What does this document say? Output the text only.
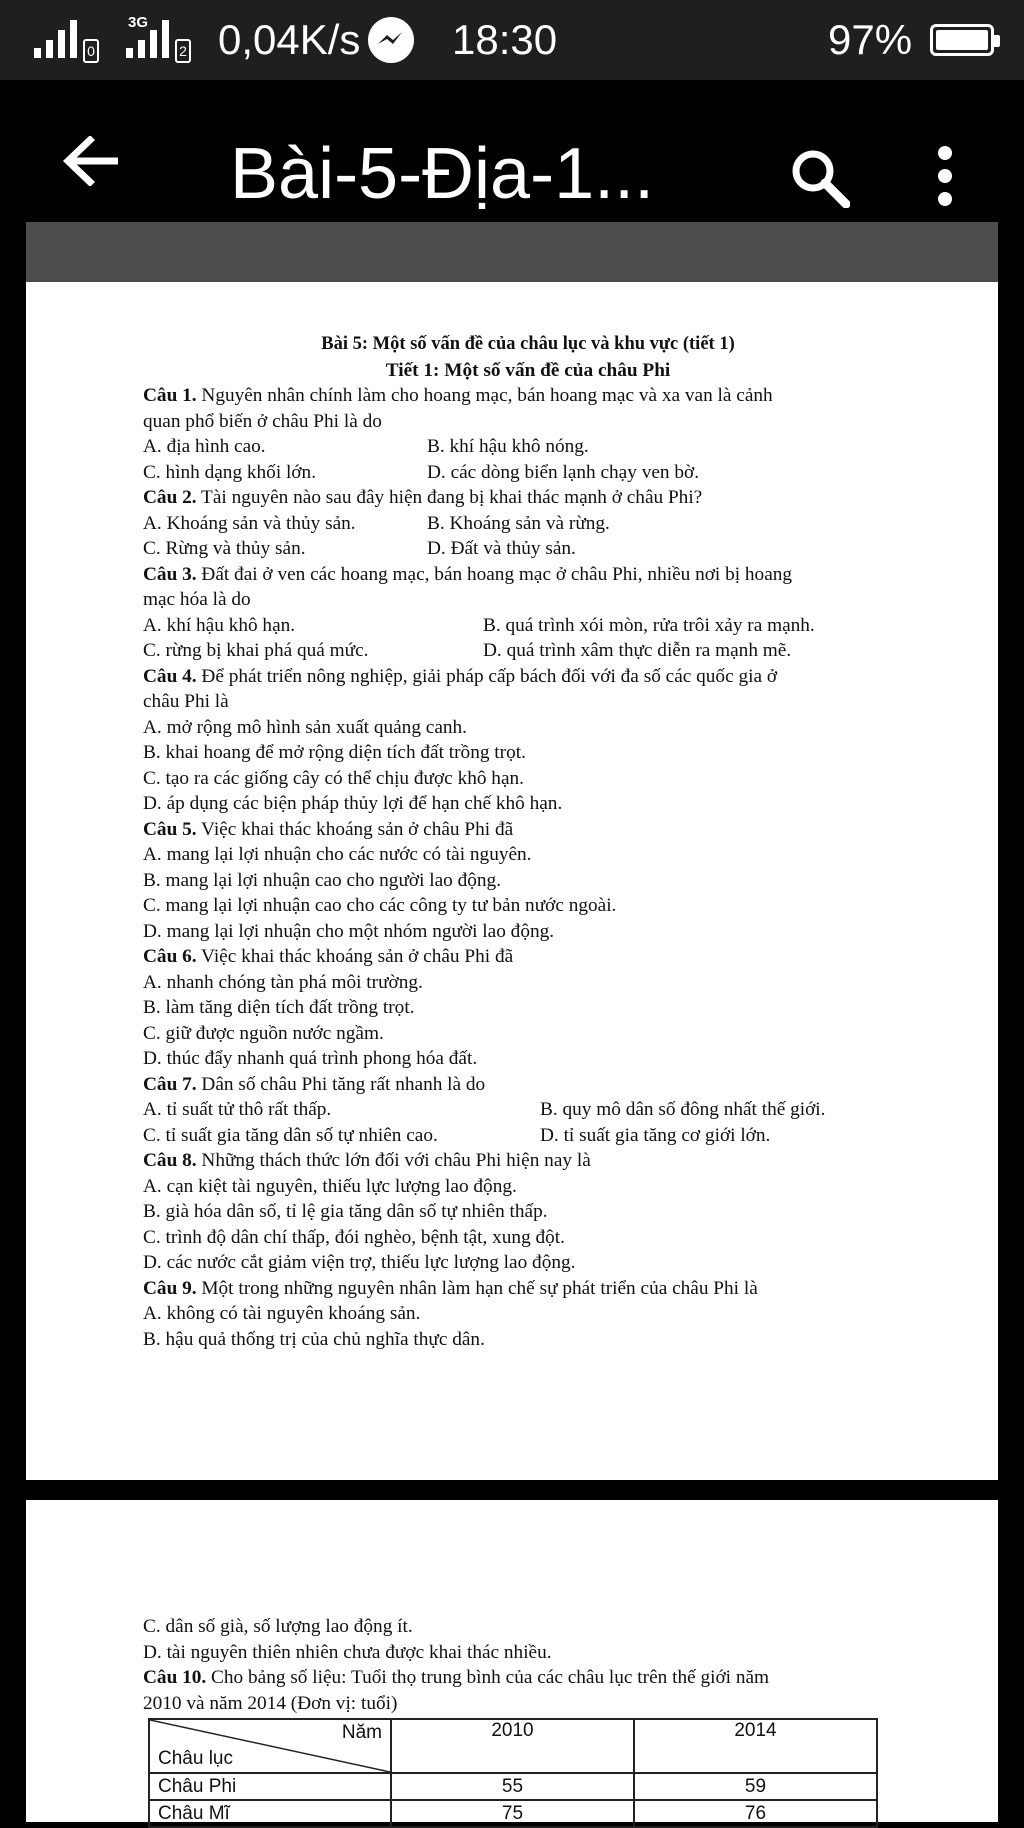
0
3G
2 0,04K/s 18:30	97%
Bài-5-Địa-1...
Bài 5: Một số vấn đề của châu lục và khu vực (tiết 1)
Tiết 1: Một số vấn đề của châu Phi
Câu 1. Nguyên nhân chính làm cho hoang mạc, bán hoang mạc và xa van là cảnh
quan phổ biến ở châu Phi là do
A. địa hình cao.	B. khí hậu khô nóng.
C. hình dạng khối lớn.	D. các dòng biển lạnh chạy ven bờ.
Câu 2. Tài nguyên nào sau đây hiện đang bị khai thác mạnh ở châu Phi?
A. Khoáng sản và thủy sản.	B. Khoáng sản và rừng.
C. Rừng và thủy sản.	D. Đất và thủy sản.
Câu 3. Đất đai ở ven các hoang mạc, bán hoang mạc ở châu Phi, nhiều nơi bị hoang
mạc hóa là do
A. khí hậu khô hạn.	B. quá trình xói mòn, rửa trôi xảy ra mạnh.
C. rừng bị khai phá quá mức.	D. quá trình xâm thực diễn ra mạnh mẽ.
Câu 4. Để phát triển nông nghiệp, giải pháp cấp bách đối với đa số các quốc gia ở
châu Phi là
A. mở rộng mô hình sản xuất quảng canh.
B. khai hoang để mở rộng diện tích đất trồng trọt.
C. tạo ra các giống cây có thể chịu được khô hạn.
D. áp dụng các biện pháp thủy lợi để hạn chế khô hạn.
Câu 5. Việc khai thác khoáng sản ở châu Phi đã
A. mang lại lợi nhuận cho các nước có tài nguyên.
B. mang lại lợi nhuận cao cho người lao động.
C. mang lại lợi nhuận cao cho các công ty tư bản nước ngoài.
D. mang lại lợi nhuận cho một nhóm người lao động.
Câu 6. Việc khai thác khoáng sản ở châu Phi đã
A. nhanh chóng tàn phá môi trường.
B. làm tăng diện tích đất trồng trọt.
C. giữ được nguồn nước ngầm.
D. thúc đẩy nhanh quá trình phong hóa đất.
Câu 7. Dân số châu Phi tăng rất nhanh là do
A. tỉ suất tử thô rất thấp.	B. quy mô dân số đông nhất thế giới.
C. tỉ suất gia tăng dân số tự nhiên cao.	D. tỉ suất gia tăng cơ giới lớn.
Câu 8. Những thách thức lớn đối với châu Phi hiện nay là
A. cạn kiệt tài nguyên, thiếu lực lượng lao động.
B. già hóa dân số, tỉ lệ gia tăng dân số tự nhiên thấp.
C. trình độ dân chí thấp, đói nghèo, bệnh tật, xung đột.
D. các nước cắt giảm viện trợ, thiếu lực lượng lao động.
Câu 9. Một trong những nguyên nhân làm hạn chế sự phát triển của châu Phi là
A. không có tài nguyên khoáng sản.
B. hậu quả thống trị của chủ nghĩa thực dân.
C. dân số già, số lượng lao động ít.
D. tài nguyên thiên nhiên chưa được khai thác nhiều.
Câu 10. Cho bảng số liệu: Tuổi thọ trung bình của các châu lục trên thế giới năm
2010 và năm 2014 (Đơn vị: tuổi)
Năm
Châu lục	2010	2014
Châu Phi	55	59
Châu Mĩ	75	76
